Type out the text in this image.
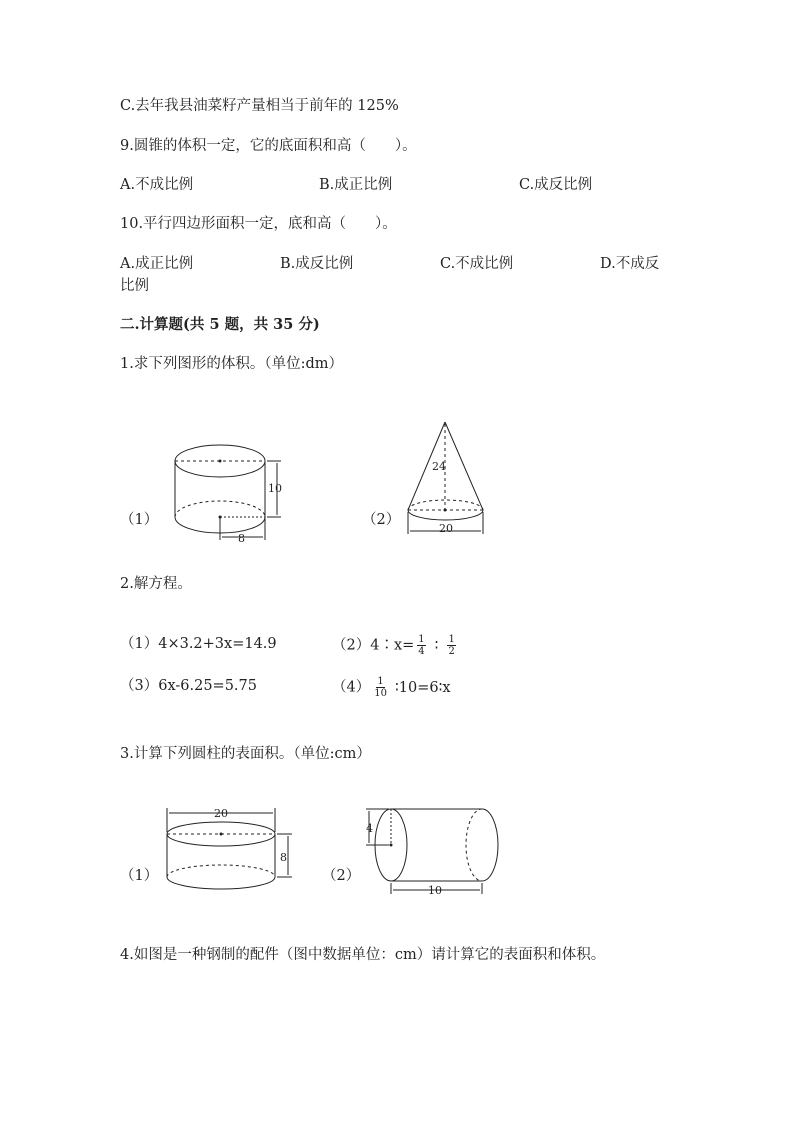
C.去年我县油菜籽产量相当于前年的 125%
9.圆锥的体积一定，它的底面积和高（　　）。
A.不成比例	B.成正比例	C.成反比例
10.平行四边形面积一定，底和高（　　）。
A.成正比例	B.成反比例	C.不成比例	D.不成反
比例
二.计算题(共 5 题，共 35 分)
1.求下列图形的体积。（单位:dm）
（1）	（2）
10
8
24
20
2.解方程。
（1）4×3.2+3x=14.9	（2）4∶x= $\frac{1}{4}$ ∶ $\frac{1}{2}$
（3）6x-6.25=5.75	$(4) \frac{1}{10}$ ∶10=6∶x
3.计算下列圆柱的表面积。（单位:cm）
（1）	（2）
20
8
4
10
4.如图是一种钢制的配件（图中数据单位：cm）请计算它的表面积和体积。
